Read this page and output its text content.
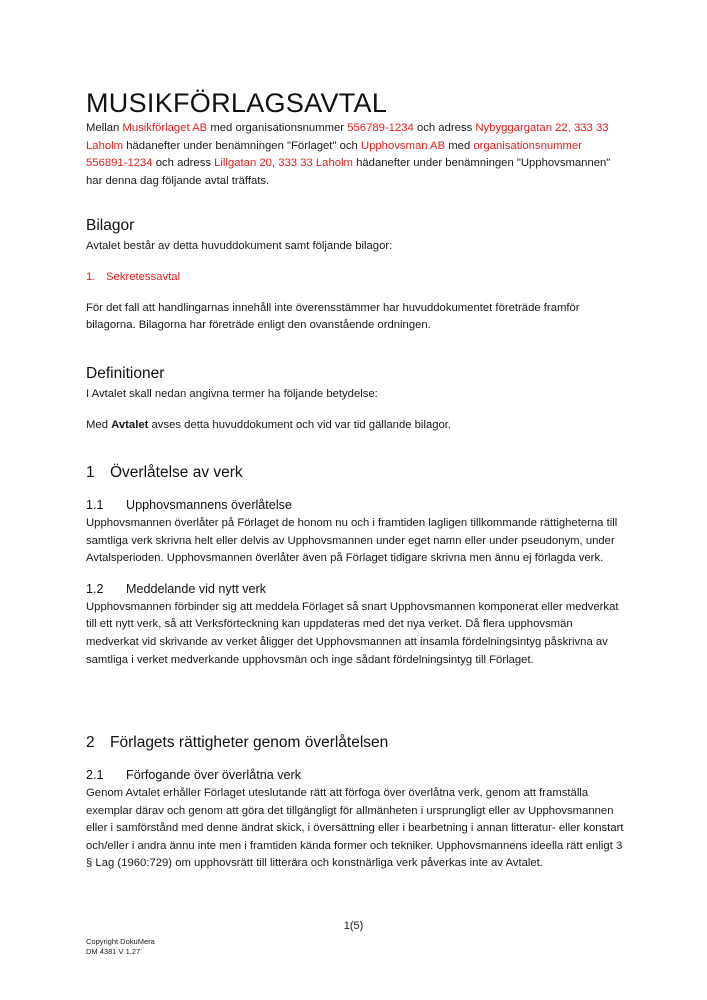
MUSIKFÖRLAGSAVTAL

Mellan Musikförlaget AB med organisationsnummer 556789-1234 och adress Nybyggargatan 22, 333 33 Laholm hädanefter under benämningen "Förlaget" och Upphovsman AB med organisationsnummer 556891-1234 och adress Lillgatan 20, 333 33 Laholm hädanefter under benämningen "Upphovsmannen" har denna dag följande avtal träffats.

Bilagor

Avtalet består av detta huvuddokument samt följande bilagor:

1. Sekretessavtal

För det fall att handlingarnas innehåll inte överensstämmer har huvuddokumentet företräde framför bilagorna. Bilagorna har företräde enligt den ovanstående ordningen.

Definitioner

I Avtalet skall nedan angivna termer ha följande betydelse:

Med Avtalet avses detta huvuddokument och vid var tid gällande bilagor.

1 Överlåtelse av verk
1.1 Upphovsmannens överlåtelse

Upphovsmannen överlåter på Förlaget de honom nu och i framtiden lagligen tillkommande rättigheterna till samtliga verk skrivna helt eller delvis av Upphovsmannen under eget namn eller under pseudonym, under Avtalsperioden. Upphovsmannen överlåter även på Förlaget tidigare skrivna men ännu ej förlagda verk.

1.2 Meddelande vid nytt verk

Upphovsmannen förbinder sig att meddela Förlaget så snart Upphovsmannen komponerat eller medverkat till ett nytt verk, så att Verksförteckning kan uppdateras med det nya verket. Då flera upphovsmän medverkat vid skrivande av verket åligger det Upphovsmannen att insamla fördelningsintyg påskrivna av samtliga i verket medverkande upphovsmän och inge sådant fördelningsintyg till Förlaget.

2 Förlagets rättigheter genom överlåtelsen
2.1 Förfogande över överlåtna verk

Genom Avtalet erhåller Förlaget uteslutande rätt att förfoga över överlåtna verk, genom att framställa exemplar därav och genom att göra det tillgängligt för allmänheten i ursprungligt eller av Upphovsmannen eller i samförstånd med denne ändrat skick, i översättning eller i bearbetning i annan litteratur- eller konstart och/eller i andra ännu inte men i framtiden kända former och tekniker. Upphovsmannens ideella rätt enligt 3 § Lag (1960:729) om upphovsrätt till litterära och konstnärliga verk påverkas inte av Avtalet.

1(5)
Copyright DokuMera
DM 4381 V 1.27
